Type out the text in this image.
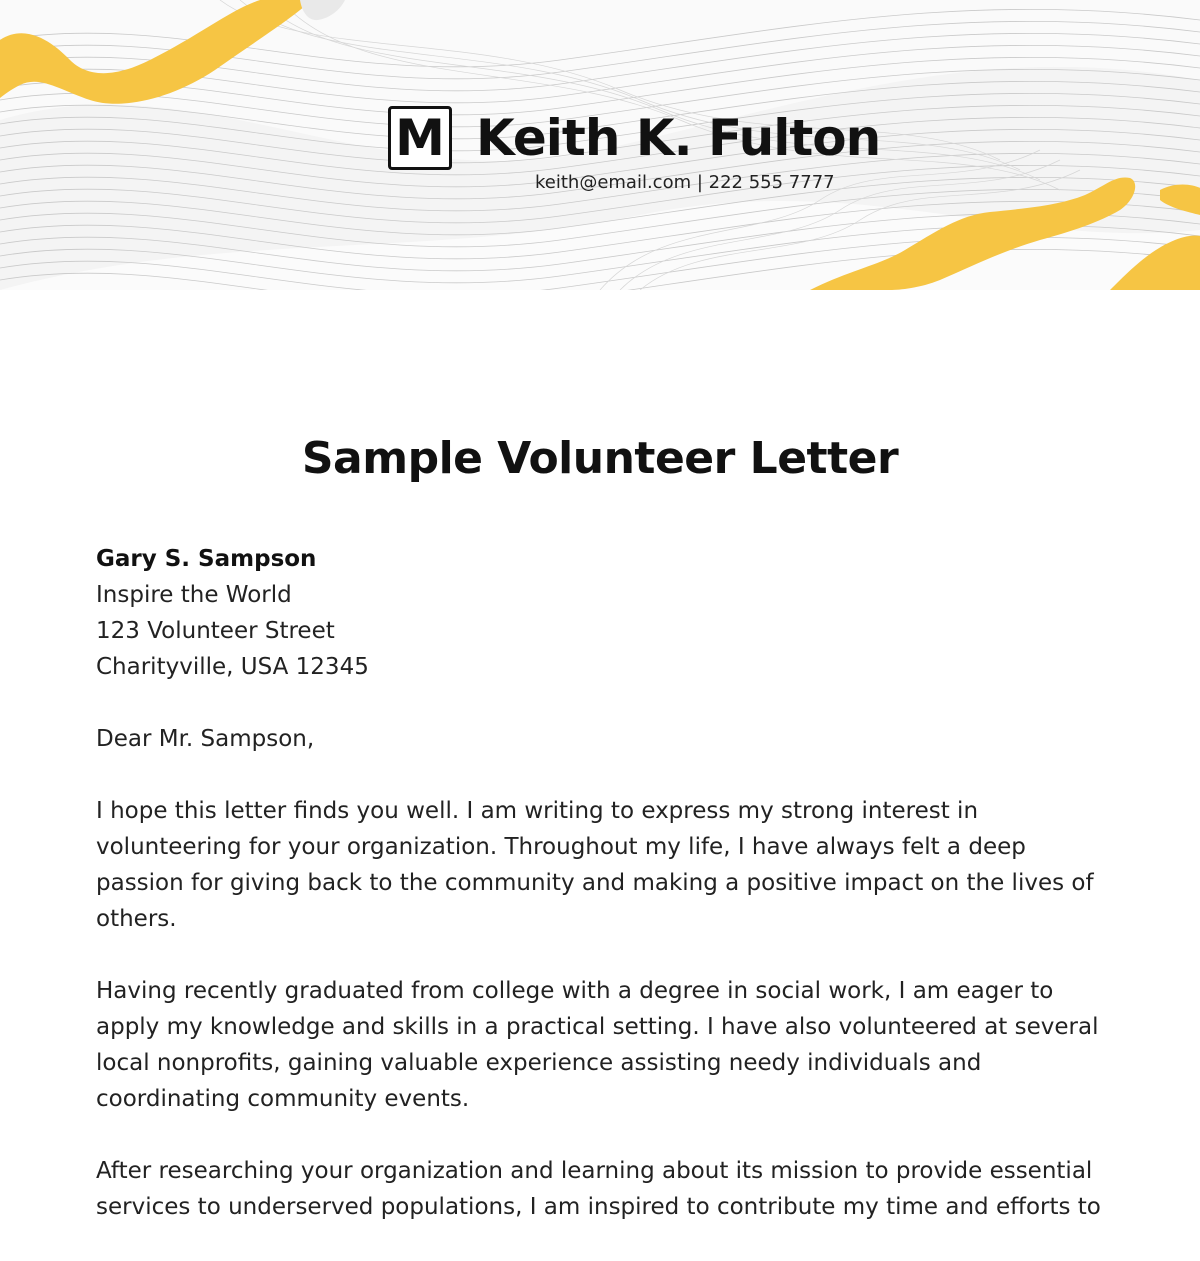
M Keith K. Fulton
keith@email.com | 222 555 7777
Sample Volunteer Letter

Gary S. Sampson
Inspire the World
123 Volunteer Street
Charityville, USA 12345

Dear Mr. Sampson,

I hope this letter finds you well. I am writing to express my strong interest in volunteering for your organization. Throughout my life, I have always felt a deep passion for giving back to the community and making a positive impact on the lives of others.

Having recently graduated from college with a degree in social work, I am eager to apply my knowledge and skills in a practical setting. I have also volunteered at several local nonprofits, gaining valuable experience assisting needy individuals and coordinating community events.

After researching your organization and learning about its mission to provide essential services to underserved populations, I am inspired to contribute my time and efforts to
